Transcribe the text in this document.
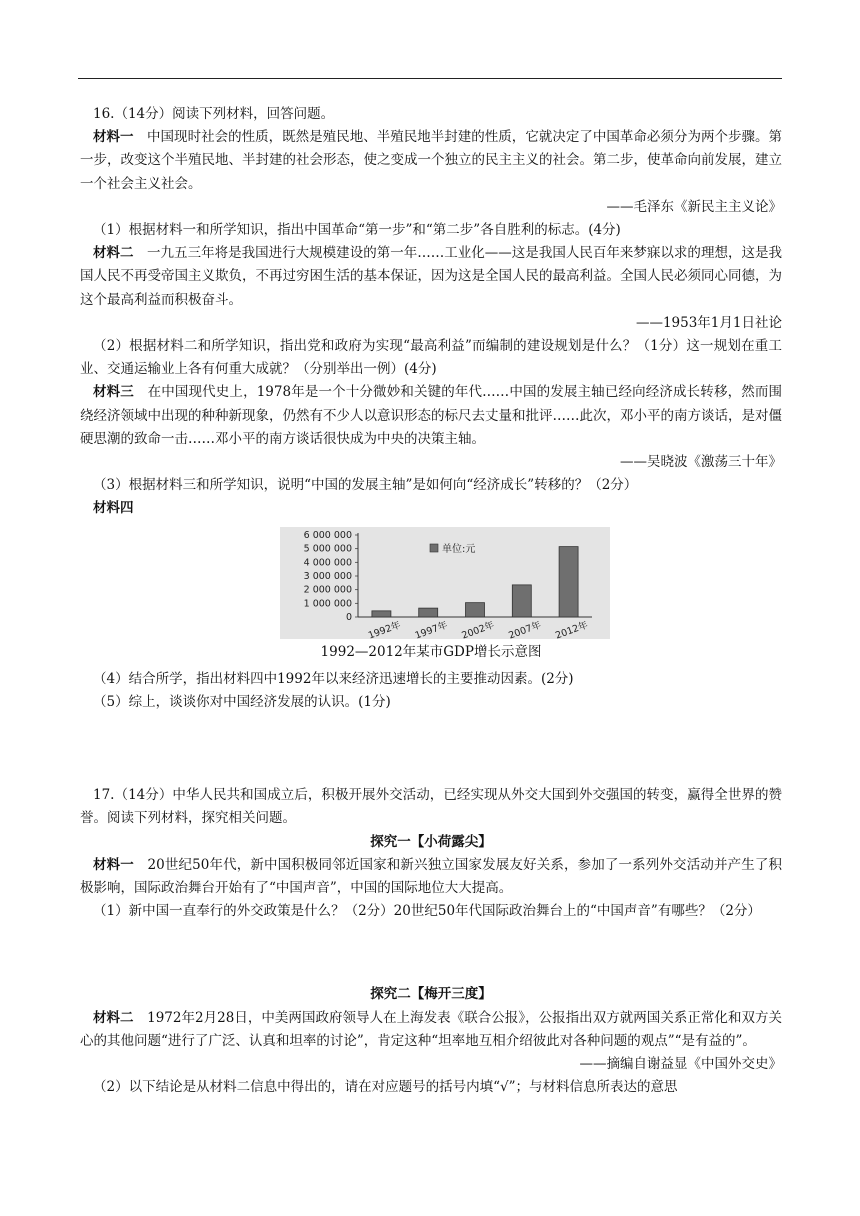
16.（14分）阅读下列材料，回答问题。

材料一　中国现时社会的性质，既然是殖民地、半殖民地半封建的性质，它就决定了中国革命必须分为两个步骤。第一步，改变这个半殖民地、半封建的社会形态，使之变成一个独立的民主主义的社会。第二步，使革命向前发展，建立一个社会主义社会。

——毛泽东《新民主主义论》

（1）根据材料一和所学知识，指出中国革命“第一步”和“第二步”各自胜利的标志。(4分)

材料二　一九五三年将是我国进行大规模建设的第一年……工业化——这是我国人民百年来梦寐以求的理想，这是我国人民不再受帝国主义欺负，不再过穷困生活的基本保证，因为这是全国人民的最高利益。全国人民必须同心同德，为这个最高利益而积极奋斗。

——1953年1月1日社论

（2）根据材料二和所学知识，指出党和政府为实现“最高利益”而编制的建设规划是什么？（1分）这一规划在重工业、交通运输业上各有何重大成就？（分别举出一例）(4分)

材料三　在中国现代史上，1978年是一个十分微妙和关键的年代……中国的发展主轴已经向经济成长转移，然而围绕经济领域中出现的种种新现象，仍然有不少人以意识形态的标尺去丈量和批评……此次，邓小平的南方谈话，是对僵硬思潮的致命一击……邓小平的南方谈话很快成为中央的决策主轴。

——吴晓波《激荡三十年》

（3）根据材料三和所学知识，说明“中国的发展主轴”是如何向“经济成长”转移的？（2分）

材料四

6 000 000
5 000 000
4 000 000
3 000 000
2 000 000
1 000 000
0
1992年 1997年 2002年 2007年 2012年
单位:元

1992—2012年某市GDP增长示意图

（4）结合所学，指出材料四中1992年以来经济迅速增长的主要推动因素。(2分)

（5）综上，谈谈你对中国经济发展的认识。(1分)

17.（14分）中华人民共和国成立后，积极开展外交活动，已经实现从外交大国到外交强国的转变，赢得全世界的赞誉。阅读下列材料，探究相关问题。

探究一【小荷露尖】

材料一　20世纪50年代，新中国积极同邻近国家和新兴独立国家发展友好关系，参加了一系列外交活动并产生了积极影响，国际政治舞台开始有了“中国声音”，中国的国际地位大大提高。

（1）新中国一直奉行的外交政策是什么？（2分）20世纪50年代国际政治舞台上的“中国声音”有哪些？（2分）

探究二【梅开三度】

材料二　1972年2月28日，中美两国政府领导人在上海发表《联合公报》，公报指出双方就两国关系正常化和双方关心的其他问题“进行了广泛、认真和坦率的讨论”，肯定这种“坦率地互相介绍彼此对各种问题的观点”“是有益的”。

——摘编自谢益显《中国外交史》

（2）以下结论是从材料二信息中得出的，请在对应题号的括号内填“√”；与材料信息所表达的意思
